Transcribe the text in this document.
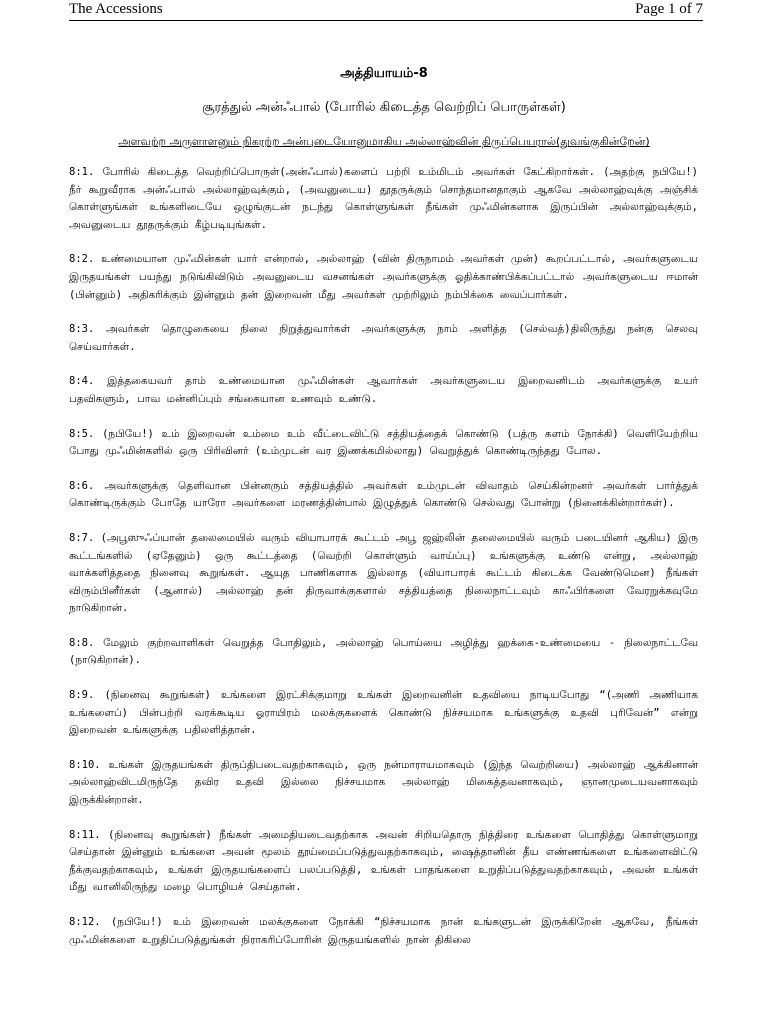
The Accessions	Page 1 of 7
அத்தியாயம்-8
சூரத்துல் அன்ஃபால் (போரில் கிடைத்த வெற்றிப் பொருள்கள்)
அளவற்ற அருளாளனும் நிகரற்ற அன்புடையோனுமாகிய அல்லாஹ்வின் திருப்பெயரால்(துவங்குகின்றேன்)

8:1. போரில் கிடைத்த வெற்றிப்பொருள்(அன்ஃபால்)களைப் பற்றி உம்மிடம் அவர்கள் கேட்கிறார்கள். (அதற்கு நபியே!) நீர் கூறுவீராக அன்ஃபால் அல்லாஹ்வுக்கும், (அவனுடைய) தூதருக்கும் சொந்தமானதாகும் ஆகவே அல்லாஹ்வுக்கு அஞ்சிக் கொள்ளுங்கள் உங்களிடையே ஒழுங்குடன் நடந்து கொள்ளுங்கள் நீங்கள் முஃமின்களாக இருப்பின் அல்லாஹ்வுக்கும், அவனுடைய தூதருக்கும் கீழ்படியுங்கள்.

8:2. உண்மையான முஃமின்கள் யார் என்றால், அல்லாஹ் (வின் திருநாமம் அவர்கள் முன்) கூறப்பட்டால், அவர்களுடைய இருதயங்கள் பயந்து நடுங்கிவிடும் அவனுடைய வசனங்கள் அவர்களுக்கு ஓதிக்காண்பிக்கப்பட்டால் அவர்களுடைய ஈமான் (பின்னும்) அதிகரிக்கும் இன்னும் தன் இறைவன் மீது அவர்கள் முற்றிலும் நம்பிக்கை வைப்பார்கள்.

8:3. அவர்கள் தொழுகையை நிலை நிறுத்துவார்கள் அவர்களுக்கு நாம் அளித்த (செல்வத்)திலிருந்து நன்கு செலவு செய்வார்கள்.

8:4. இத்தகையவர் தாம் உண்மையான முஃமின்கள் ஆவார்கள் அவர்களுடைய இறைவனிடம் அவர்களுக்கு உயர் பதவிகளும், பாவ மன்னிப்பும் சங்கையான உணவும் உண்டு.

8:5. (நபியே!) உம் இறைவன் உம்மை உம் வீட்டைவிட்டு சத்தியத்தைக் கொண்டு (பத்ரு களம் நோக்கி) வெளியேற்றிய போது முஃமின்களில் ஒரு பிரிவினர் (உம்முடன் வர இணக்கமில்லாது) வெறுத்துக் கொண்டிருந்தது போல.

8:6. அவர்களுக்கு தெளிவான பின்னரும் சத்தியத்தில் அவர்கள் உம்முடன் விவாதம் செய்கின்றனர் அவர்கள் பார்த்துக் கொண்டிருக்கும் போதே யாரோ அவர்களை மரணத்தின்பால் இழுத்துக் கொண்டு செல்வது போன்று (நினைக்கின்றார்கள்).

8:7. (அபூஸுஃப்யான் தலைமையில் வரும் வியாபாரக் கூட்டம் அபூ ஜஹ்லின் தலைமையில் வரும் படையினர் ஆகிய) இரு கூட்டங்களில் (ஏதேனும்) ஒரு கூட்டத்தை (வெற்றி கொள்ளும் வாய்ப்பு) உங்களுக்கு உண்டு என்று, அல்லாஹ் வாக்களித்ததை நினைவு கூறுங்கள். ஆயுத பாணிகளாக இல்லாத (வியாபாரக் கூட்டம் கிடைக்க வேண்டுமென) நீங்கள் விரும்பினீர்கள் (ஆனால்) அல்லாஹ் தன் திருவாக்குகளால் சத்தியத்தை நிலைநாட்டவும் காஃபிர்களை வேரறுக்கவுமே நாடுகிறான்.

8:8. மேலும் குற்றவாளிகள் வெறுத்த போதிலும், அல்லாஹ் பொய்யை அழித்து ஹக்கை-உண்மையை - நிலைநாட்டவே (நாடுகிறான்).

8:9. (நினைவு கூறுங்கள்) உங்களை இரட்சிக்குமாறு உங்கள் இறைவனின் உதவியை நாடியபோது “(அணி அணியாக உங்களைப்) பின்பற்றி வரக்கூடிய ஓராயிரம் மலக்குகளைக் கொண்டு நிச்சயமாக உங்களுக்கு உதவி புரிவேன்” என்று இறைவன் உங்களுக்கு பதிலளித்தான்.

8:10. உங்கள் இருதயங்கள் திருப்திபடைவதற்காகவும், ஒரு நன்மாராயமாகவும் (இந்த வெற்றியை) அல்லாஹ் ஆக்கினான் அல்லாஹ்விடமிருந்தே தவிர உதவி இல்லை நிச்சயமாக அல்லாஹ் மிகைத்தவனாகவும், ஞானமுடையவனாகவும் இருக்கின்றான்.

8:11. (நினைவு கூறுங்கள்) நீங்கள் அமைதியடைவதற்காக அவன் சிறியதொரு நித்திரை உங்களை பொதித்து கொள்ளுமாறு செய்தான் இன்னும் உங்களை அவன் மூலம் தூய்மைப்படுத்துவதற்காகவும், ஷைத்தானின் தீய எண்ணங்களை உங்களைவிட்டு நீக்குவதற்காகவும், உங்கள் இருதயங்களைப் பலப்படுத்தி, உங்கள் பாதங்களை உறுதிப்படுத்துவதற்காகவும், அவன் உங்கள் மீது வானிலிருந்து மழை பொழியச் செய்தான்.

8:12. (நபியே!) உம் இறைவன் மலக்குகளை நோக்கி “நிச்சயமாக நான் உங்களுடன் இருக்கிறேன் ஆகவே, நீங்கள் முஃமின்களை உறுதிப்படுத்துங்கள் நிராகரிப்போரின் இருதயங்களில் நான் திகிலை
